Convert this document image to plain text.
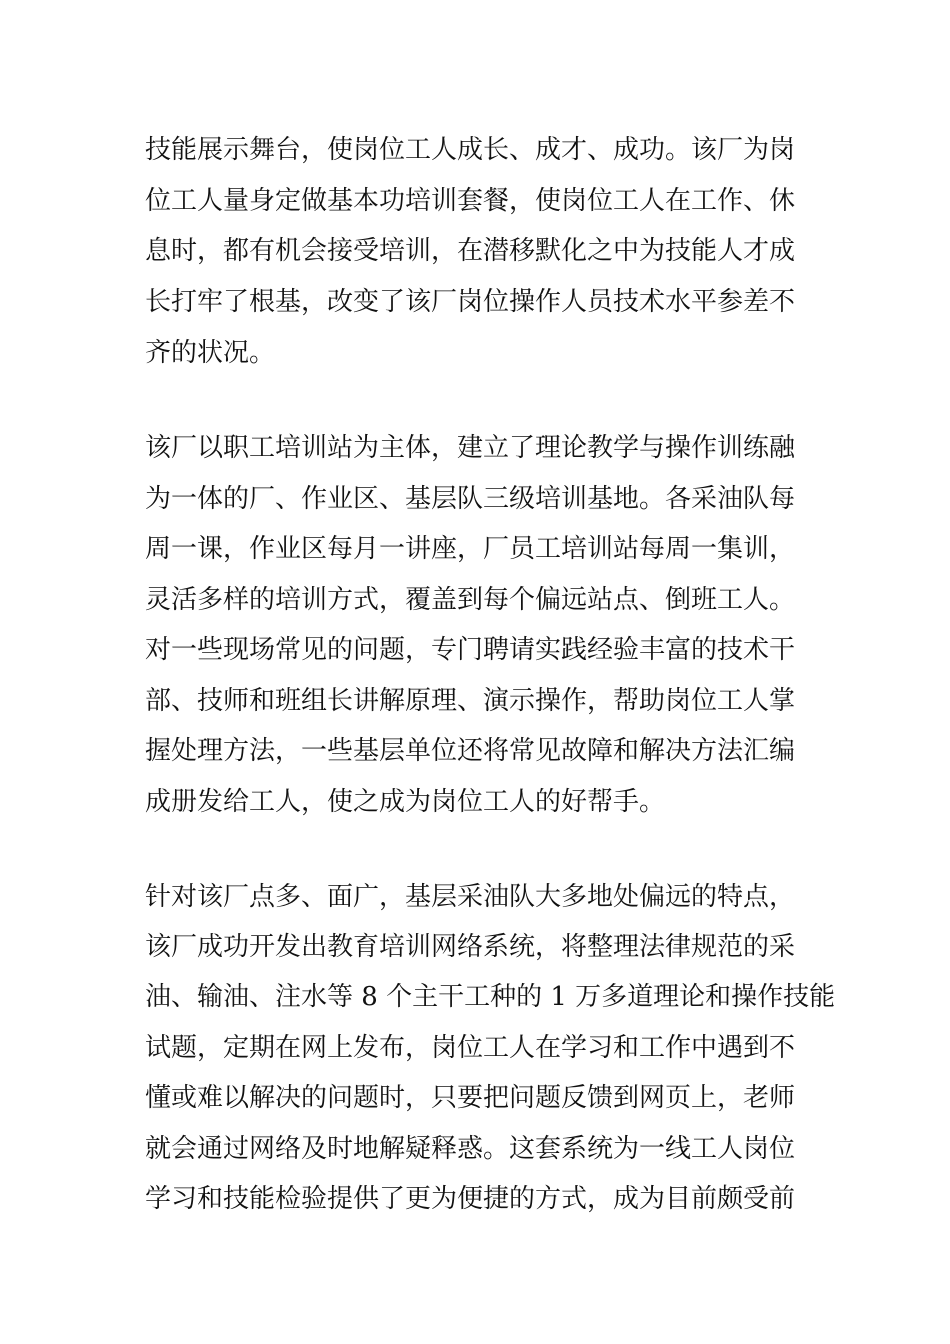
技能展示舞台，使岗位工人成长、成才、成功。该厂为岗
位工人量身定做基本功培训套餐，使岗位工人在工作、休
息时，都有机会接受培训，在潜移默化之中为技能人才成
长打牢了根基，改变了该厂岗位操作人员技术水平参差不
齐的状况。
该厂以职工培训站为主体，建立了理论教学与操作训练融
为一体的厂、作业区、基层队三级培训基地。各采油队每
周一课，作业区每月一讲座，厂员工培训站每周一集训，
灵活多样的培训方式，覆盖到每个偏远站点、倒班工人。
对一些现场常见的问题，专门聘请实践经验丰富的技术干
部、技师和班组长讲解原理、演示操作，帮助岗位工人掌
握处理方法，一些基层单位还将常见故障和解决方法汇编
成册发给工人，使之成为岗位工人的好帮手。
针对该厂点多、面广，基层采油队大多地处偏远的特点，
该厂成功开发出教育培训网络系统，将整理法律规范的采
油、输油、注水等 8 个主干工种的 1 万多道理论和操作技能
试题，定期在网上发布，岗位工人在学习和工作中遇到不
懂或难以解决的问题时，只要把问题反馈到网页上，老师
就会通过网络及时地解疑释惑。这套系统为一线工人岗位
学习和技能检验提供了更为便捷的方式，成为目前颇受前
